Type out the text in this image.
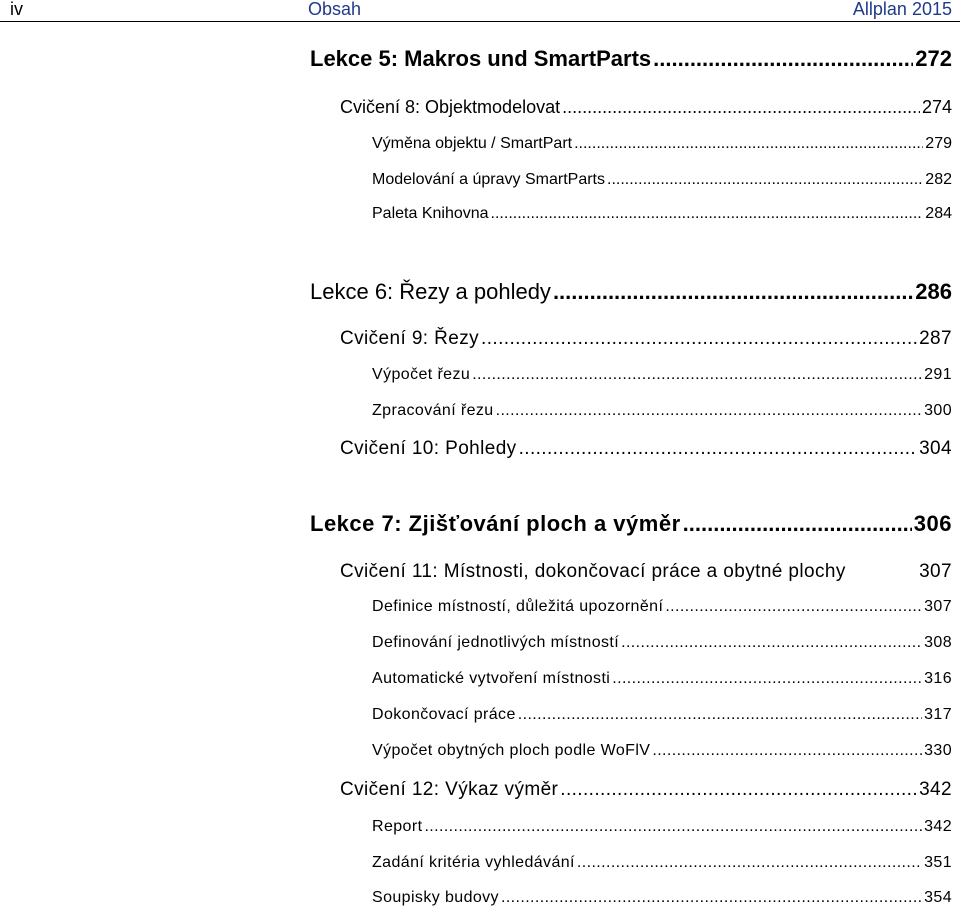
iv	Obsah	Allplan 2015
Lekce 5: Makros und SmartParts .....	272
Cvičení 8: Objektmodelovat .....	274
Výměna objektu / SmartPart .....	279
Modelování a úpravy SmartParts .....	282
Paleta Knihovna .....	284
Lekce 6: Řezy a pohledy .....	286
Cvičení 9: Řezy .....	287
Výpočet řezu .....	291
Zpracování řezu .....	300
Cvičení 10: Pohledy .....	304
Lekce 7: Zjišťování ploch a výměr .....	306
Cvičení 11: Místnosti, dokončovací práce a obytné plochy	307
Definice místností, důležitá upozornění .....	307
Definování jednotlivých místností .....	308
Automatické vytvoření místnosti .....	316
Dokončovací práce .....	317
Výpočet obytných ploch podle WoFlV .....	330
Cvičení 12: Výkaz výměr .....	342
Report .....	342
Zadání kritéria vyhledávání .....	351
Soupisky budovy .....	354
